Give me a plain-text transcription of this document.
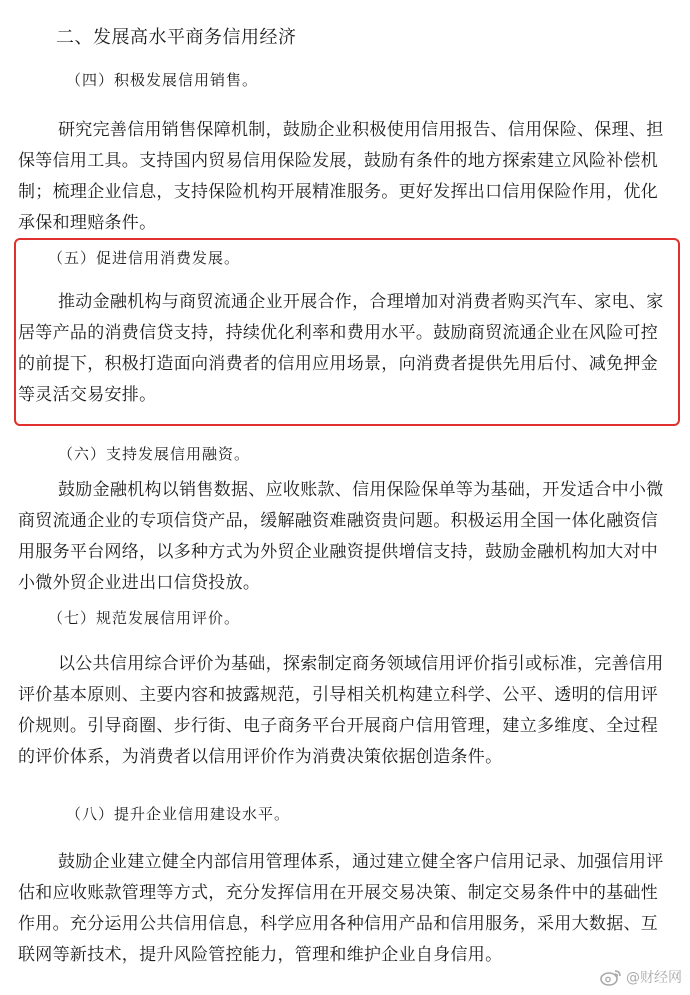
二、发展高水平商务信用经济
（四）积极发展信用销售。
研究完善信用销售保障机制，鼓励企业积极使用信用报告、信用保险、保理、担
保等信用工具。支持国内贸易信用保险发展，鼓励有条件的地方探索建立风险补偿机
制；梳理企业信息，支持保险机构开展精准服务。更好发挥出口信用保险作用，优化
承保和理赔条件。
（五）促进信用消费发展。
推动金融机构与商贸流通企业开展合作，合理增加对消费者购买汽车、家电、家
居等产品的消费信贷支持，持续优化利率和费用水平。鼓励商贸流通企业在风险可控
的前提下，积极打造面向消费者的信用应用场景，向消费者提供先用后付、减免押金
等灵活交易安排。
（六）支持发展信用融资。
鼓励金融机构以销售数据、应收账款、信用保险保单等为基础，开发适合中小微
商贸流通企业的专项信贷产品，缓解融资难融资贵问题。积极运用全国一体化融资信
用服务平台网络，以多种方式为外贸企业融资提供增信支持，鼓励金融机构加大对中
小微外贸企业进出口信贷投放。
（七）规范发展信用评价。
以公共信用综合评价为基础，探索制定商务领域信用评价指引或标准，完善信用
评价基本原则、主要内容和披露规范，引导相关机构建立科学、公平、透明的信用评
价规则。引导商圈、步行街、电子商务平台开展商户信用管理，建立多维度、全过程
的评价体系，为消费者以信用评价作为消费决策依据创造条件。
（八）提升企业信用建设水平。
鼓励企业建立健全内部信用管理体系，通过建立健全客户信用记录、加强信用评
估和应收账款管理等方式，充分发挥信用在开展交易决策、制定交易条件中的基础性
作用。充分运用公共信用信息，科学应用各种信用产品和信用服务，采用大数据、互
联网等新技术，提升风险管控能力，管理和维护企业自身信用。
@财经网
